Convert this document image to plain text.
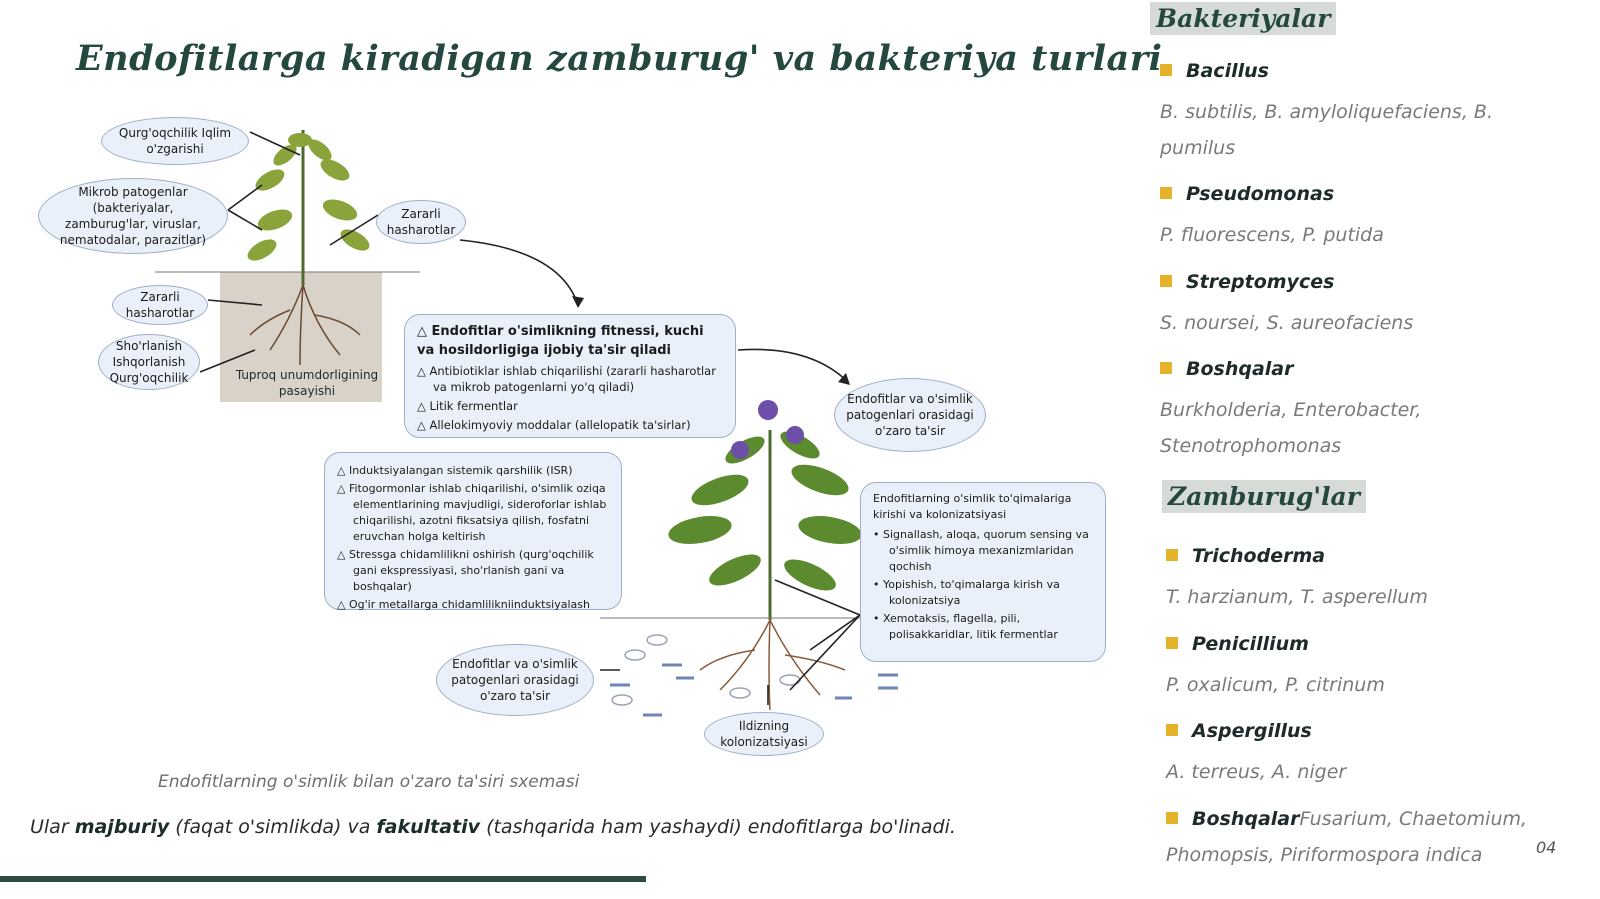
Endofitlarga kiradigan zamburug' va bakteriya turlari
Qurg'oqchilik Iqlim o'zgarishi
Mikrob patogenlar (bakteriyalar, zamburug'lar, viruslar, nematodalar, parazitlar)
Zararli hasharotlar
Zararli hasharotlar
Sho'rlanish Ishqorlanish Qurg'oqchilik	Tuproq unumdorligining pasayishi
Endofitlar va o'simlik patogenlari orasidagi o'zaro ta'sir
Endofitlar va o'simlik patogenlari orasidagi o'zaro ta'sir
Ildizning kolonizatsiyasi
△ Endofitlar o'simlikning fitnessi, kuchi va hosildorligiga ijobiy ta'sir qiladi
△ Antibiotiklar ishlab chiqarilishi (zararli hasharotlar va mikrob patogenlarni yo'q qiladi)
△ Litik fermentlar
△ Allelokimyoviy moddalar (allelopatik ta'sirlar)
△ Induktsiyalangan sistemik qarshilik (ISR)
△ Fitogormonlar ishlab chiqarilishi, o'simlik oziqa elementlarining mavjudligi, sideroforlar ishlab chiqarilishi, azotni fiksatsiya qilish, fosfatni eruvchan holga keltirish
△ Stressga chidamlilikni oshirish (qurg'oqchilik gani ekspressiyasi, sho'rlanish gani va boshqalar)
△ Og'ir metallarga chidamlilikniinduktsiyalash
Endofitlarning o'simlik to'qimalariga kirishi va kolonizatsiyasi
• Signallash, aloqa, quorum sensing va o'simlik himoya mexanizmlaridan qochish
• Yopishish, to'qimalarga kirish va kolonizatsiya
• Xemotaksis, flagella, pili, polisakkaridlar, litik fermentlar
Endofitlarning o'simlik bilan o'zaro ta'siri sxemasi
Ular majburiy (faqat o'simlikda) va fakultativ (tashqarida ham yashaydi) endofitlarga bo'linadi.
Bakteriyalar
Bacillus
B. subtilis, B. amyloliquefaciens, B. pumilus
Pseudomonas
P. fluorescens, P. putida
Streptomyces
S. noursei, S. aureofaciens
Boshqalar
Burkholderia, Enterobacter, Stenotrophomonas
Zamburug'lar
Trichoderma
T. harzianum, T. asperellum
Penicillium
P. oxalicum, P. citrinum
Aspergillus
A. terreus, A. niger
BoshqalarFusarium, Chaetomium,
Phomopsis, Piriformospora indica	04
